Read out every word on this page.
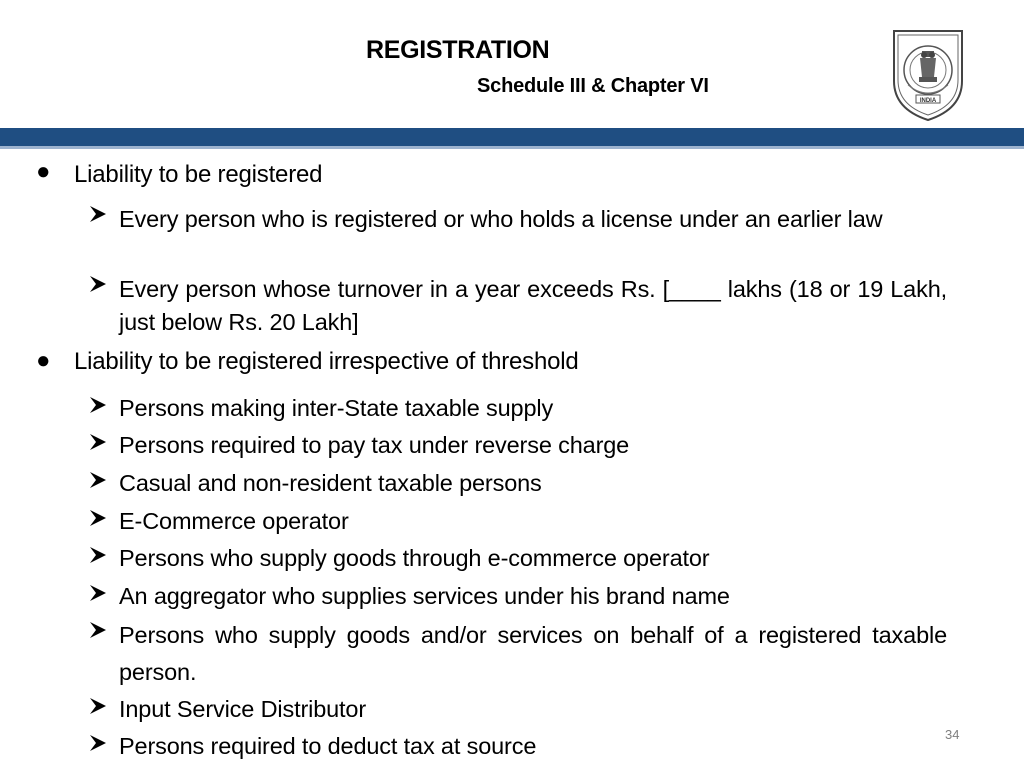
REGISTRATION
Schedule III & Chapter VI
INDIA
● Liability to be registered
Every person who is registered or who holds a license under an earlier law
Every person whose turnover in a year exceeds Rs. [____ lakhs (18 or 19 Lakh, just below Rs. 20 Lakh]
● Liability to be registered irrespective of threshold
Persons making inter-State taxable supply
Persons required to pay tax under reverse charge
Casual and non-resident taxable persons
E-Commerce operator
Persons who supply goods through e-commerce operator
An aggregator who supplies services under his brand name
Persons who supply goods and/or services on behalf of a registered taxable person.
Input Service Distributor
Persons required to deduct tax at source	34
